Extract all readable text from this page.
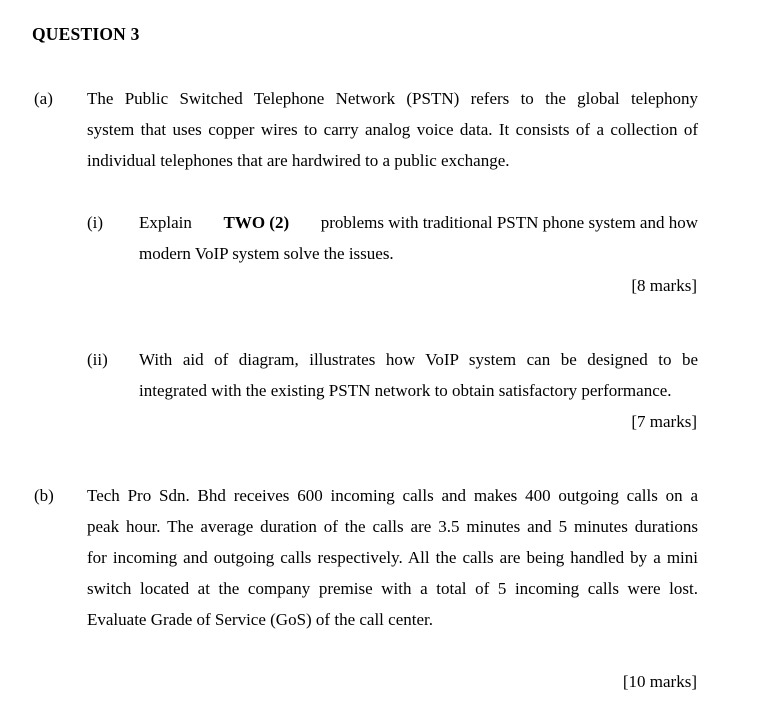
QUESTION 3
(a) The Public Switched Telephone Network (PSTN) refers to the global telephony
system that uses copper wires to carry analog voice data. It consists of a collection of
individual telephones that are hardwired to a public exchange.
(i) Explain TWO (2) problems with traditional PSTN phone system and how
modern VoIP system solve the issues.
[8 marks]
(ii) With aid of diagram, illustrates how VoIP system can be designed to be
integrated with the existing PSTN network to obtain satisfactory performance.
[7 marks]
(b) Tech Pro Sdn. Bhd receives 600 incoming calls and makes 400 outgoing calls on a
peak hour. The average duration of the calls are 3.5 minutes and 5 minutes durations
for incoming and outgoing calls respectively. All the calls are being handled by a mini
switch located at the company premise with a total of 5 incoming calls were lost.
Evaluate Grade of Service (GoS) of the call center.
[10 marks]
